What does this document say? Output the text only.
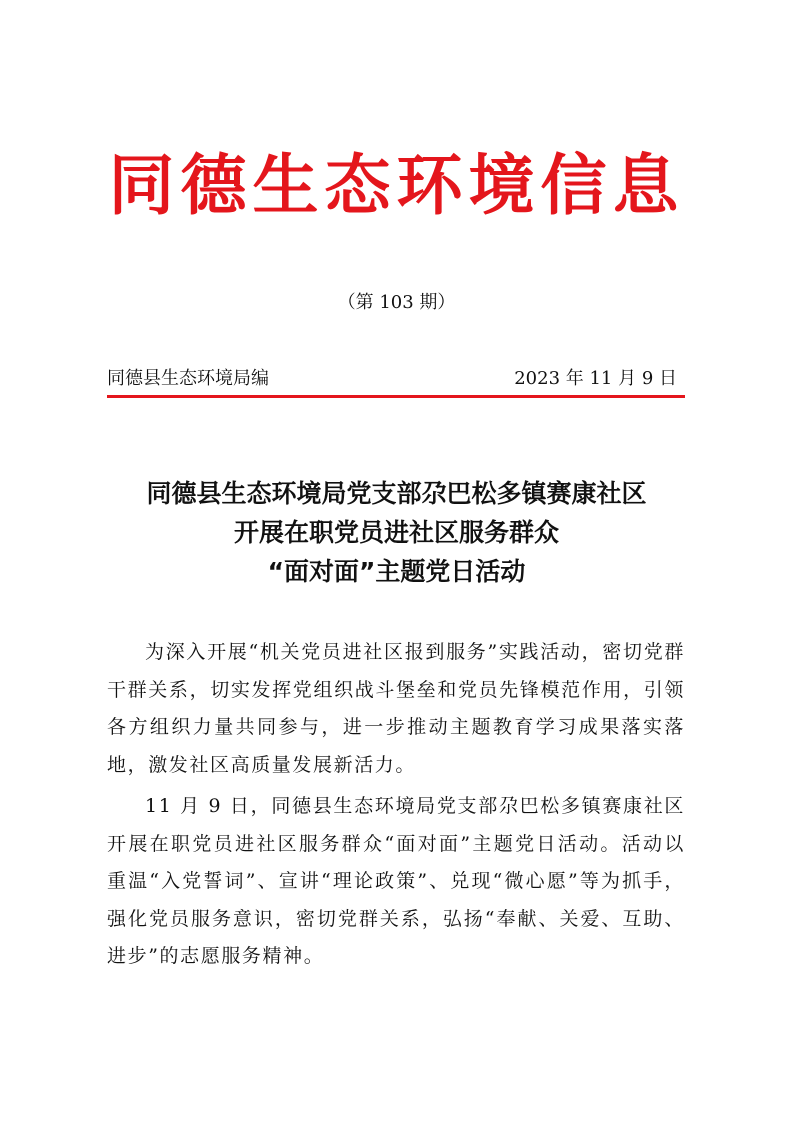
同德生态环境信息
（第 103 期）
同德县生态环境局编	2023 年 11 月 9 日
同德县生态环境局党支部尕巴松多镇赛康社区
开展在职党员进社区服务群众
“面对面”主题党日活动

为深入开展“机关党员进社区报到服务”实践活动，密切党群干群关系，切实发挥党组织战斗堡垒和党员先锋模范作用，引领各方组织力量共同参与，进一步推动主题教育学习成果落实落地，激发社区高质量发展新活力。

11 月 9 日，同德县生态环境局党支部尕巴松多镇赛康社区开展在职党员进社区服务群众“面对面”主题党日活动。活动以重温“入党誓词”、宣讲“理论政策”、兑现“微心愿”等为抓手，强化党员服务意识，密切党群关系，弘扬“奉献、关爱、互助、进步”的志愿服务精神。
